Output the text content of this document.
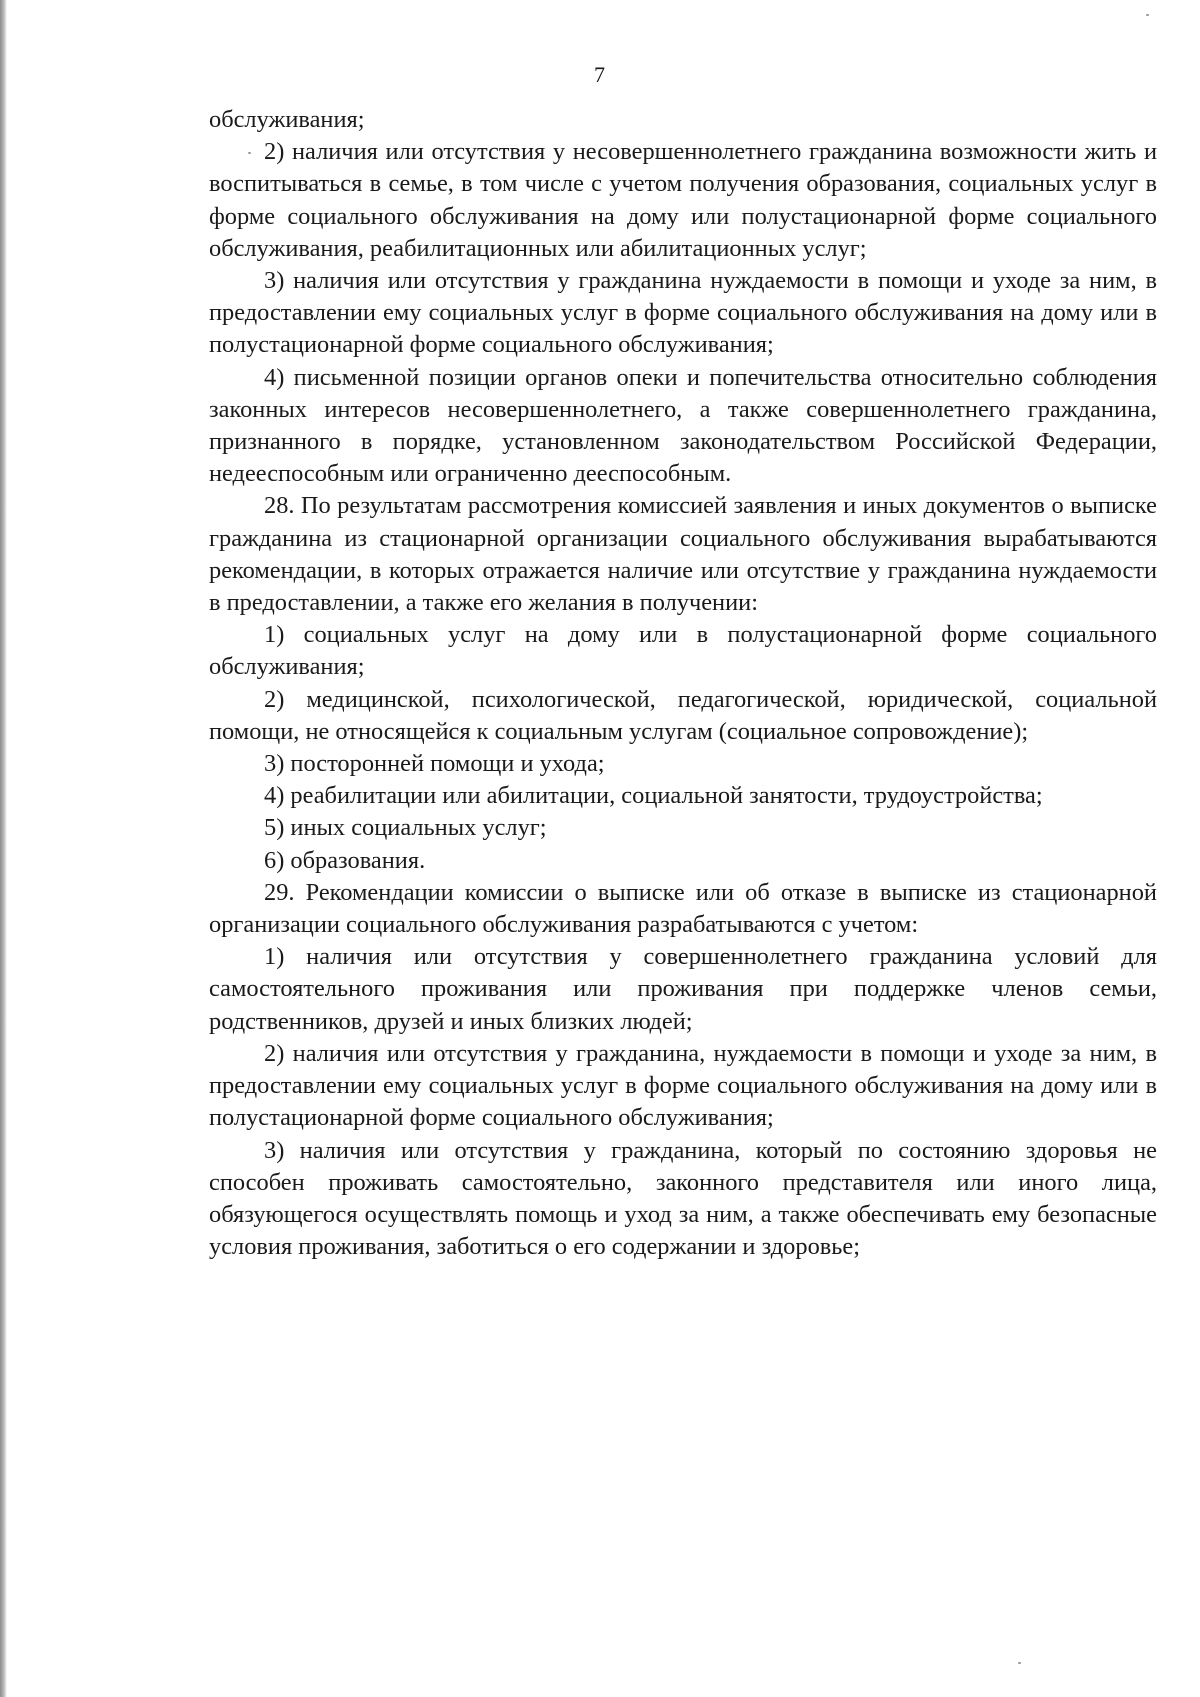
7

обслуживания;

2) наличия или отсутствия у несовершеннолетнего гражданина возможности жить и воспитываться в семье, в том числе с учетом получения образования, социальных услуг в форме социального обслуживания на дому или полустационарной форме социального обслуживания, реабилитационных или абилитационных услуг;

3) наличия или отсутствия у гражданина нуждаемости в помощи и уходе за ним, в предоставлении ему социальных услуг в форме социального обслуживания на дому или в полустационарной форме социального обслуживания;

4) письменной позиции органов опеки и попечительства относительно соблюдения законных интересов несовершеннолетнего, а также совершеннолетнего гражданина, признанного в порядке, установленном законодательством Российской Федерации, недееспособным или ограниченно дееспособным.

28. По результатам рассмотрения комиссией заявления и иных документов о выписке гражданина из стационарной организации социального обслуживания вырабатываются рекомендации, в которых отражается наличие или отсутствие у гражданина нуждаемости в предоставлении, а также его желания в получении:

1) социальных услуг на дому или в полустационарной форме социального обслуживания;

2) медицинской, психологической, педагогической, юридической, социальной помощи, не относящейся к социальным услугам (социальное сопровождение);

3) посторонней помощи и ухода;

4) реабилитации или абилитации, социальной занятости, трудоустройства;

5) иных социальных услуг;

6) образования.

29. Рекомендации комиссии о выписке или об отказе в выписке из стационарной организации социального обслуживания разрабатываются с учетом:

1) наличия или отсутствия у совершеннолетнего гражданина условий для самостоятельного проживания или проживания при поддержке членов семьи, родственников, друзей и иных близких людей;

2) наличия или отсутствия у гражданина, нуждаемости в помощи и уходе за ним, в предоставлении ему социальных услуг в форме социального обслуживания на дому или в полустационарной форме социального обслуживания;

3) наличия или отсутствия у гражданина, который по состоянию здоровья не способен проживать самостоятельно, законного представителя или иного лица, обязующегося осуществлять помощь и уход за ним, а также обеспечивать ему безопасные условия проживания, заботиться о его содержании и здоровье;
